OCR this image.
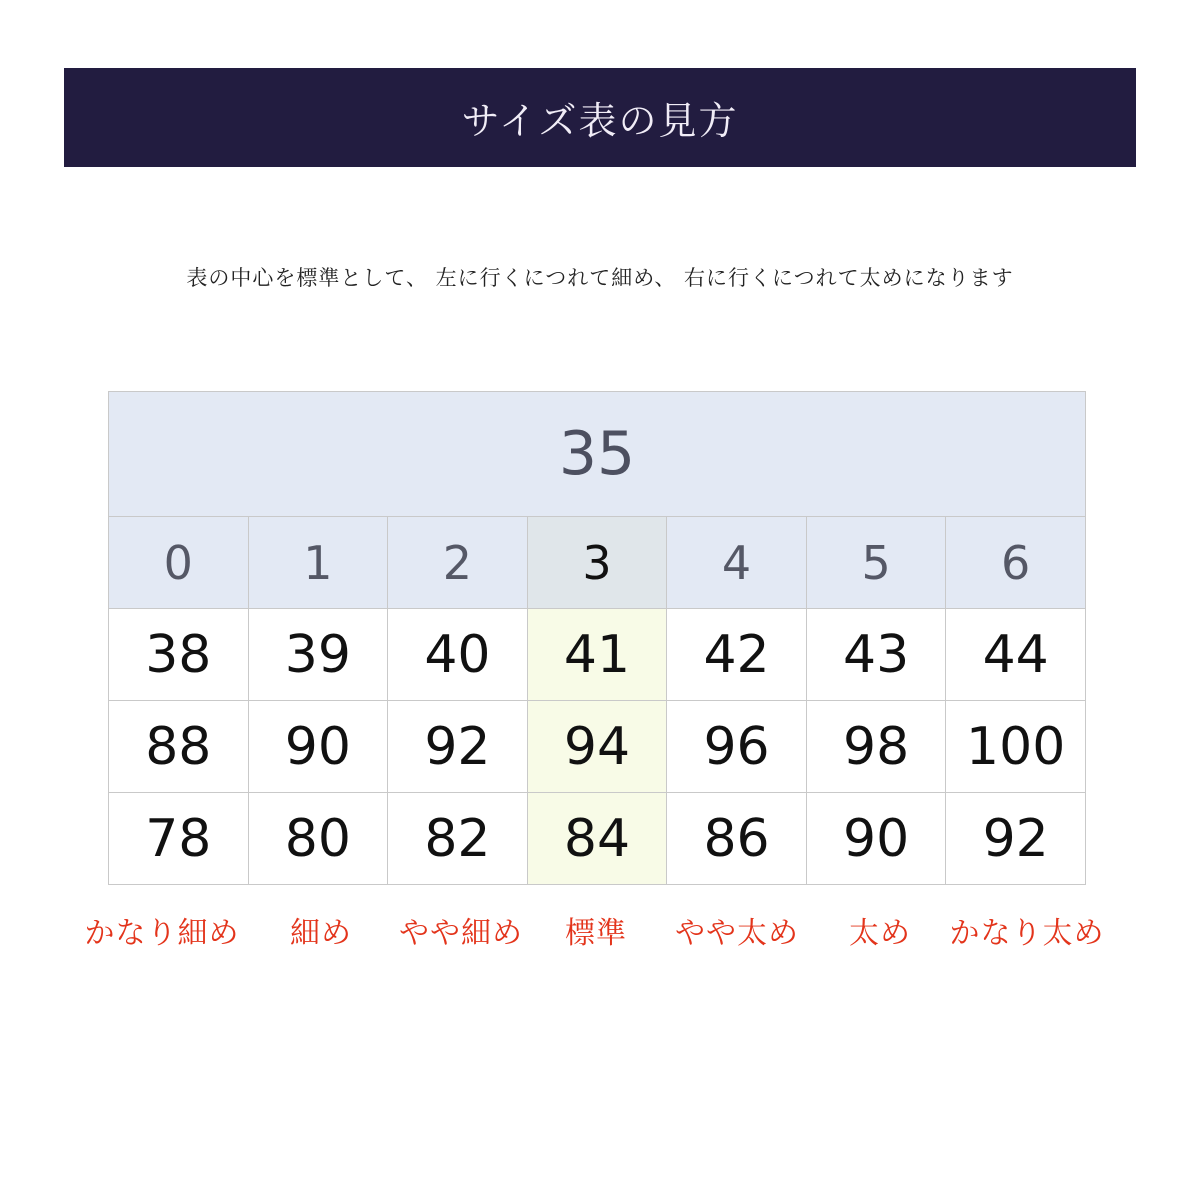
サイズ表の見方
表の中心を標準として、 左に行くにつれて細め、 右に行くにつれて太めになります
35						
0	1	2	3	4	5	6
38	39	40	41	42	43	44
88	90	92	94	96	98	100
78	80	82	84	86	90	92
かなり細め 細め やや細め 標準 やや太め 太め かなり太め
